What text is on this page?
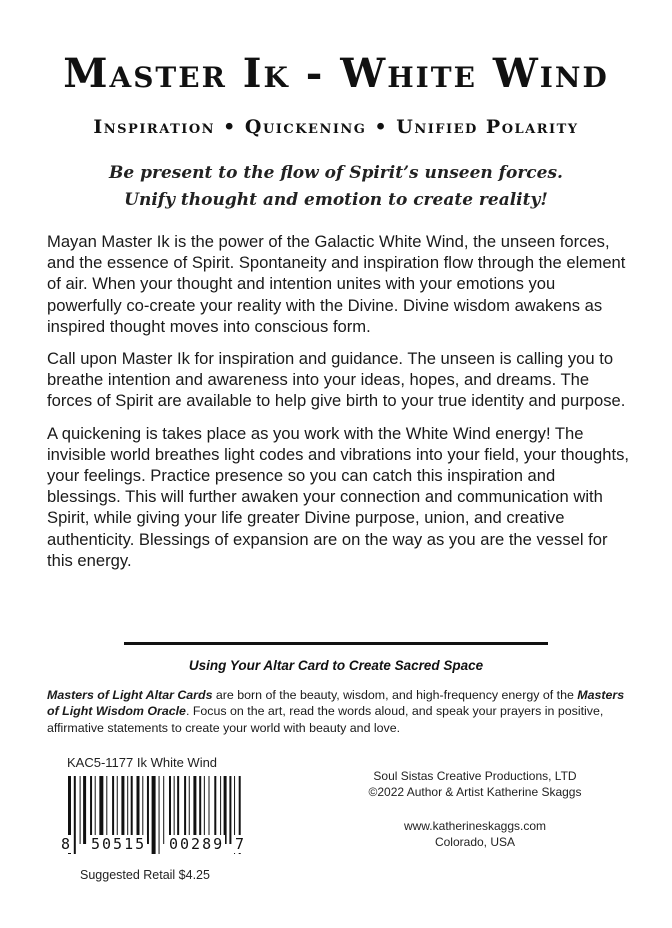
Master Ik - White Wind
Inspiration • Quickening • Unified Polarity
Be present to the flow of Spirit’s unseen forces.
Unify thought and emotion to create reality!

Mayan Master Ik is the power of the Galactic White Wind, the unseen forces, and the essence of Spirit. Spontaneity and inspiration flow through the element of air. When your thought and intention unites with your emotions you powerfully co-create your reality with the Divine. Divine wisdom awakens as inspired thought moves into conscious form.

Call upon Master Ik for inspiration and guidance. The unseen is calling you to breathe intention and awareness into your ideas, hopes, and dreams. The forces of Spirit are available to help give birth to your true identity and purpose.

A quickening is takes place as you work with the White Wind energy! The invisible world breathes light codes and vibrations into your field, your thoughts, your feelings. Practice presence so you can catch this inspiration and blessings. This will further awaken your connection and communication with Spirit, while giving your life greater Divine purpose, union, and creative authenticity. Blessings of expansion are on the way as you are the vessel for this energy.

Using Your Altar Card to Create Sacred Space
Masters of Light Altar Cards are born of the beauty, wisdom, and high-frequency energy of the Masters of Light Wisdom Oracle. Focus on the art, read the words aloud, and speak your prayers in positive, affirmative statements to create your world with beauty and love.
KAC5-1177 Ik White Wind
8 50515 00289 7
Suggested Retail $4.25
Soul Sistas Creative Productions, LTD
©2022 Author & Artist Katherine Skaggs
www.katherineskaggs.com
Colorado, USA
